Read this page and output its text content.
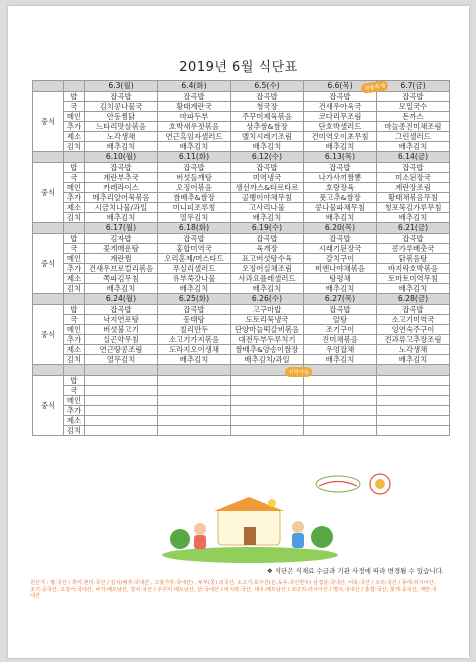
2019년 6월 식단표
		6.3(월)	6.4(화)	6.5(수)	6.6(목)	6.7(금)
중식	밥	잡곡밥	잡곡밥	잡곡밥	잡곡밥	잡곡밥
	국	김치콩나물국	황태계란국	청국장	건새우아욱국	모밀국수
	메인	안동찜닭	마파두부	주꾸미제육볶음	코다리무조림	돈까스
	추가	느타리맛살볶음	호박새우젓볶음	상추쌈&쌈장	단호박샐러드	마늘종진미채조림
	제소	노각생채	연근흑임자샐러드	멜치시레기조림	건미역오이초무침	그린샐러드
	김치	배추김치	배추김치	배추김치	배추김치	배추김치
		6.10(월)	6.11(화)	6.12(수)	6.13(목)	6.14(금)
중식	밥	잡곡밥	잡곡밥	잡곡밥	잡곡밥	잡곡밥
	국	계란부추국	버섯들깨탕	미역냉국	나가사끼짬뽕	미소된장국
	메인	카레라이스	오징어볶음	생선까스&타르타르	호랑장육	계란장조림
	추가	메추리알어묵볶음	쌈배추&쌈장	골뱅이야채무침	풋고추&쌈장	황태채볶음무침
	제소	시금치나물/과일	미니피조루칭	고사리나물	콩나물파채무침	청포묵김가루무침
	김치	배추김치	열무김치	배추김치	배추김치	배추김치
		6.17(월)	6.18(화)	6.19(수)	6.20(목)	6.21(금)
중식	밥	김자밥	잡곡밥	잡곡밥	잡곡밥	잡곡밥
	국	꽃게매운탕	홍합미역국	육개장	시래기된장국	콩가루배춧국
	메인	계란찜	오리훈제/머스타드	표고버섯탕수육	갈치구이	닭볶음탕
	추가	건새우브로컬리볶음	푸실리샐러드	오징어실채조림	비엔나야채볶음	바지락호박볶음
	제소	쪽파김무침	유부쑥갓나물	사과요플레샐러드	탕평채	토마토미역무침
	김치	배추김치	배추김치	배추김치	배추김치	배추김치
		6.24(월)	6.25(화)	6.26(수)	6.27(목)	6.28(금)
중식	밥	잡곡밥	잡곡밥	고구마밥	잡곡밥	잡곡밥
	국	낙지연포탕	동태탕	도토리묵냉국	알탕	소고기미역국
	메인	버섯불고기	칠리만두	단양마늘떡갈비볶음	조기구이	잉연숙주구이
	추가	실곤약무침	소고기가지볶음	대전두부두루치기	진미채볶음	견과류고추장조림
	제소	연근땅콩조림	도라지오이생채	쌈배추&양송이쌈장	우엉잡채	노각생채
	김치	열무김치	배추김치	배추김치/과일	배추김치	배추김치

중식	밥					
	국					
	메인					
	추가					
	제소					
	김치					
재롱축제
지역아동
❖ 식단은 식재료 수급과 기관 사정에 따라 변경될 수 있습니다.
원산지 : 쌀:국산 / 흑미,현미:국산 / 김치(배추:국내산 , 고춧가루:국내산) , 두부(콩) 외국산, 소고기:호주산(돈,육우:국산한우) 삼겹살:국내산, 어묵:국산 / 오리:국산 / 동태:러시아산, 조기:중국산, 오징어:국내산, 낙지:베트남산, 갈치:국산 / 주꾸미:베트남산, 닭:국내산 / 바지락:국산, 새우:베트남산 / 코다리:러시아산 / 멸치:국내산 / 홍합:국산, 꽃게:중국산, 계란:국내산
